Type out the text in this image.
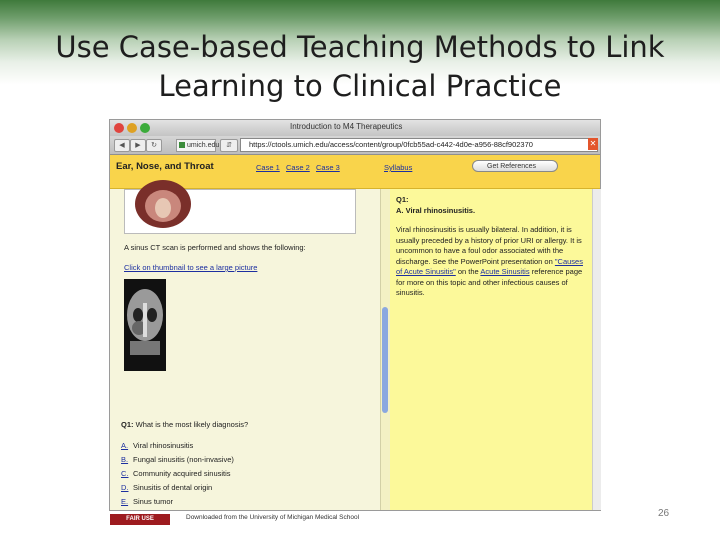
Use Case-based Teaching Methods to Link
Learning to Clinical Practice
Introduction to M4 Therapeutics
◀	▶	↻	umich.edu ⇵	https://ctools.umich.edu/access/content/group/0fcb55ad-c442-4d0e-a956-88cf902370	✕
Ear, Nose, and Throat	Case 1 Case 2 Case 3	Syllabus	Get References
A sinus CT scan is performed and shows the following:
Click on thumbnail to see a large picture
Q1: What is the most likely diagnosis?
A. Viral rhinosinusitis
B. Fungal sinusitis (non-invasive)
C. Community acquired sinusitis
D. Sinusitis of dental origin
E. Sinus tumor
Q1:
A. Viral rhinosinusitis.
Viral rhinosinusitis is usually bilateral. In addition, it is usually preceded by a history of prior URI or allergy. It is uncommon to have a foul odor associated with the discharge. See the PowerPoint presentation on "Causes of Acute Sinusitis" on the Acute Sinusitis reference page for more on this topic and other infectious causes of sinusitis.
FAIR USE	Downloaded from the University of Michigan Medical School	26
